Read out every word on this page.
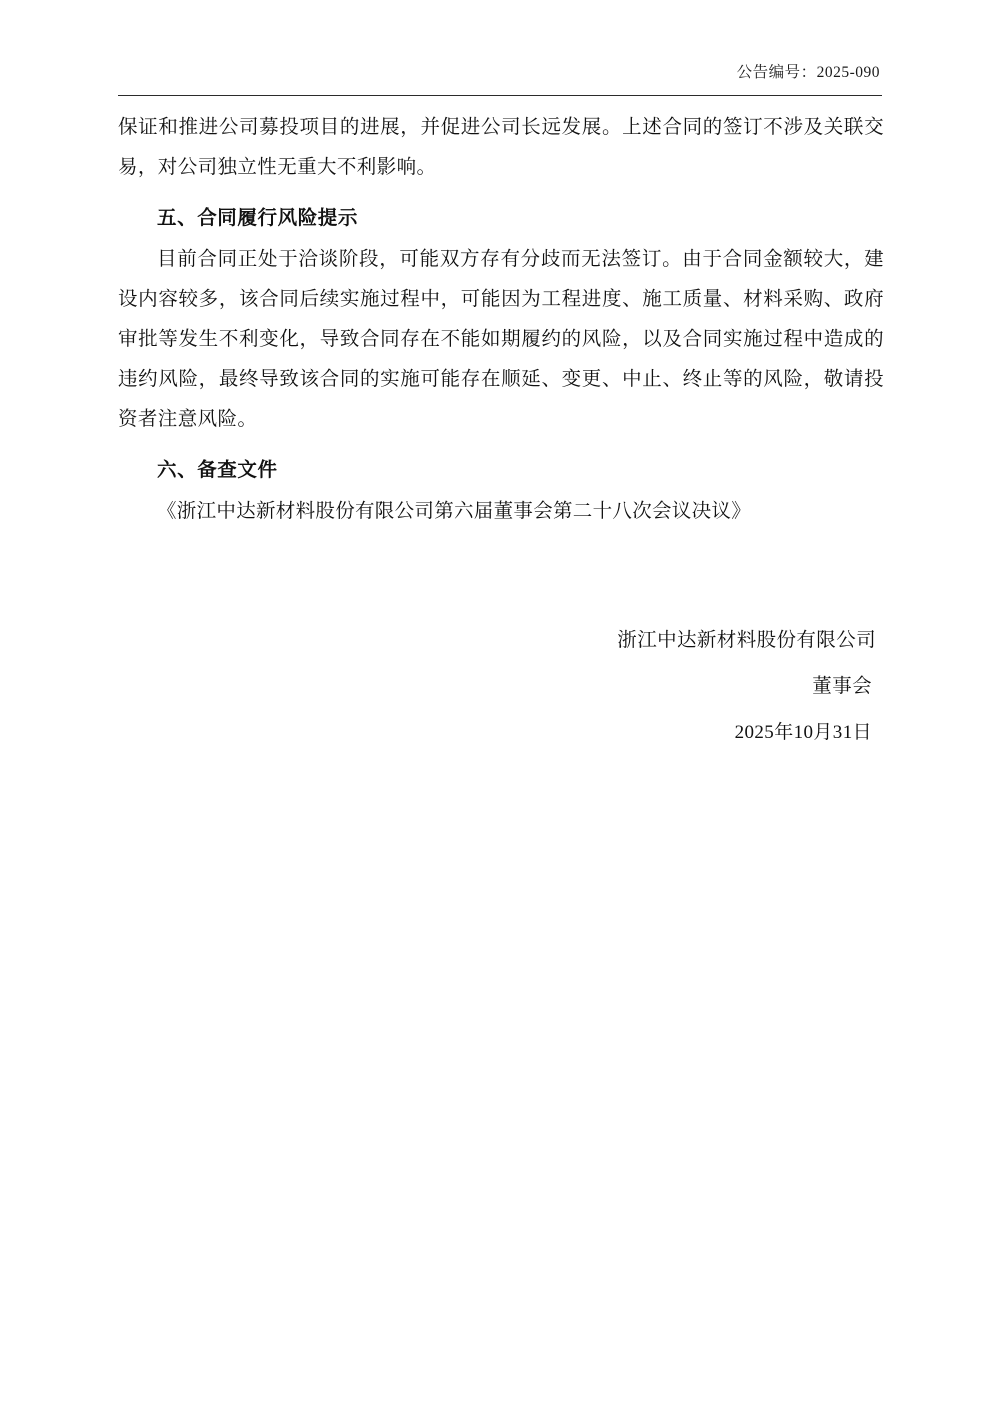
公告编号：2025-090

保证和推进公司募投项目的进展，并促进公司长远发展。上述合同的签订不涉及关联交易，对公司独立性无重大不利影响。

五、合同履行风险提示

目前合同正处于洽谈阶段，可能双方存有分歧而无法签订。由于合同金额较大，建设内容较多，该合同后续实施过程中，可能因为工程进度、施工质量、材料采购、政府审批等发生不利变化，导致合同存在不能如期履约的风险，以及合同实施过程中造成的违约风险，最终导致该合同的实施可能存在顺延、变更、中止、终止等的风险，敬请投资者注意风险。

六、备查文件

《浙江中达新材料股份有限公司第六届董事会第二十八次会议决议》

浙江中达新材料股份有限公司
董事会
2025年10月31日
